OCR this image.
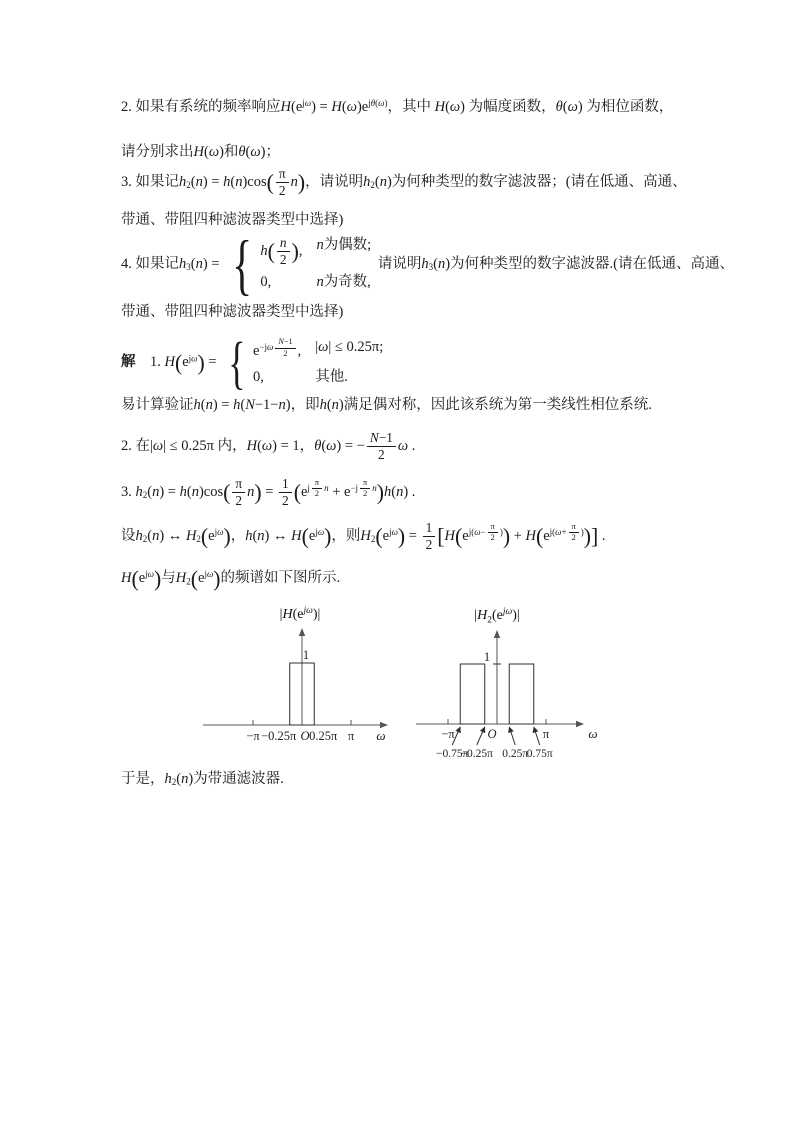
2. 如果有系统的频率响应$H(e^{j\omega}) = H(\omega)e^{j\theta(\omega)}$，其中 H(ω) 为幅度函数，θ(ω) 为相位函数，
请分别求出H(ω)和θ(ω)；
3. 如果记$h_2(n) = h(n)\cos( \frac{\pi}{2} n)$，请说明$h_2(n)$为何种类型的数字滤波器；(请在低通、高通、
带通、带阻四种滤波器类型中选择)
4. 如果记$h_3(n)$ = { $h( \frac{n}{2}$ ), n为偶数;
0,	n为奇数,
请说明$h_3(n)$为何种类型的数字滤波器.(请在低通、高通、
带通、带阻四种滤波器类型中选择)
解　1. $H(e^{j\omega})$ = { $e^{-j\omega \frac{N-1}{2}}$ , |ω| ≤ 0.25π;
0,	其他.
易计算验证h(n) = h(N−1−n)，即h(n)满足偶对称，因此该系统为第一类线性相位系统.
2. 在|ω| ≤ 0.25π 内，H(ω) = 1，θ(ω) = − $\frac{N-1}{2}$ ω .
3. $h_2(n) = h(n)\cos( \frac{\pi}{2} n) = \frac{1}{2} (e^{j \frac{\pi}{2} n} + e^{-j \frac{\pi}{2} n})h(n)$ .
设$h_2(n)$ ↔ $H_2(e^{j\omega})$，h(n) ↔ $H(e^{j\omega})$，则$H_2(e^{j\omega}) = \frac{1}{2} [H(e^{j(\omega- \frac{\pi}{2} )}) + H(e^{j(\omega+ \frac{\pi}{2} )})]$ .
$H(e^{j\omega})$与$H_2(e^{j\omega})$的频谱如下图所示.
−π −0.25π O 0.25π π ω
1
$|H(e^{j\omega})|$
−π	O	π	ω
1
−0.75π
−0.25π 0.25π
0.75π
$|H_2(e^{j\omega})|$
于是，$h_2(n)$为带通滤波器.
